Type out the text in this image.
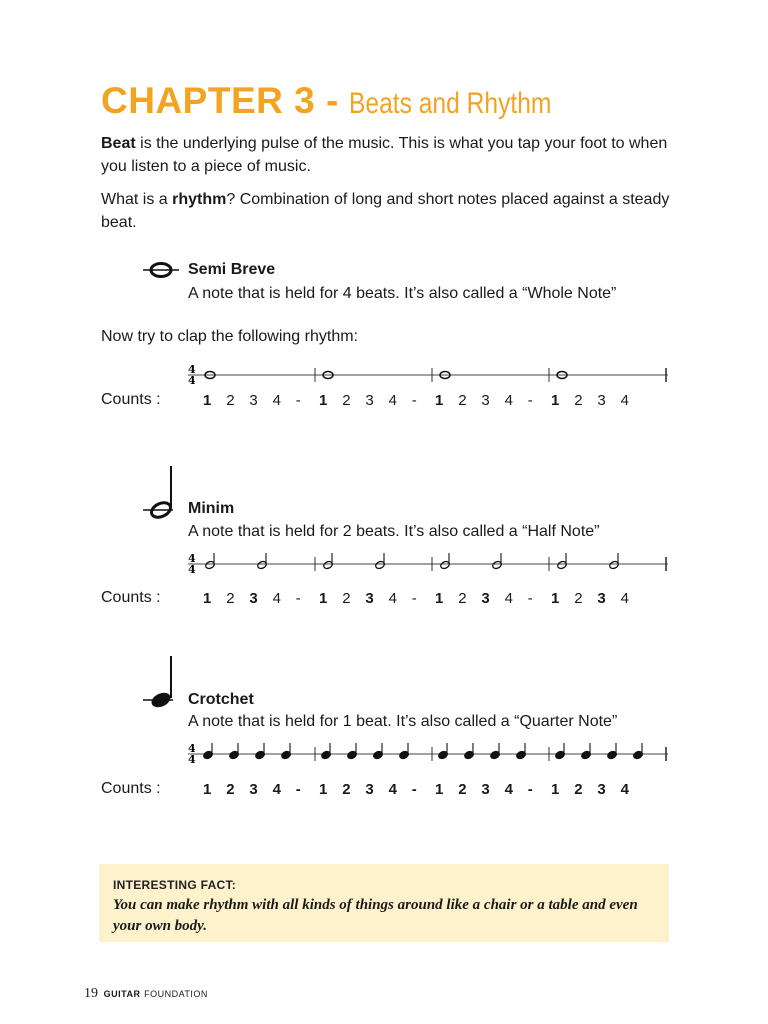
CHAPTER 3 - Beats and Rhythm
Beat is the underlying pulse of the music. This is what you tap your foot to when you listen to a piece of music.
What is a rhythm? Combination of long and short notes placed against a steady beat.
Semi Breve
A note that is held for 4 beats. It’s also called a “Whole Note”
Now try to clap the following rhythm:
4
4
Counts :	1 2 3 4 - 1 2 3 4 - 1 2 3 4 - 1 2 3 4
Minim
A note that is held for 2 beats. It’s also called a “Half Note”
4
4
Counts :	1 2 3 4 - 1 2 3 4 - 1 2 3 4 - 1 2 3 4
Crotchet
A note that is held for 1 beat. It’s also called a “Quarter Note”
4
4
Counts :	1 2 3 4 - 1 2 3 4 - 1 2 3 4 - 1 2 3 4
INTERESTING FACT:
You can make rhythm with all kinds of things around like a chair or a table and even your own body.
19 GUITAR FOUNDATION
